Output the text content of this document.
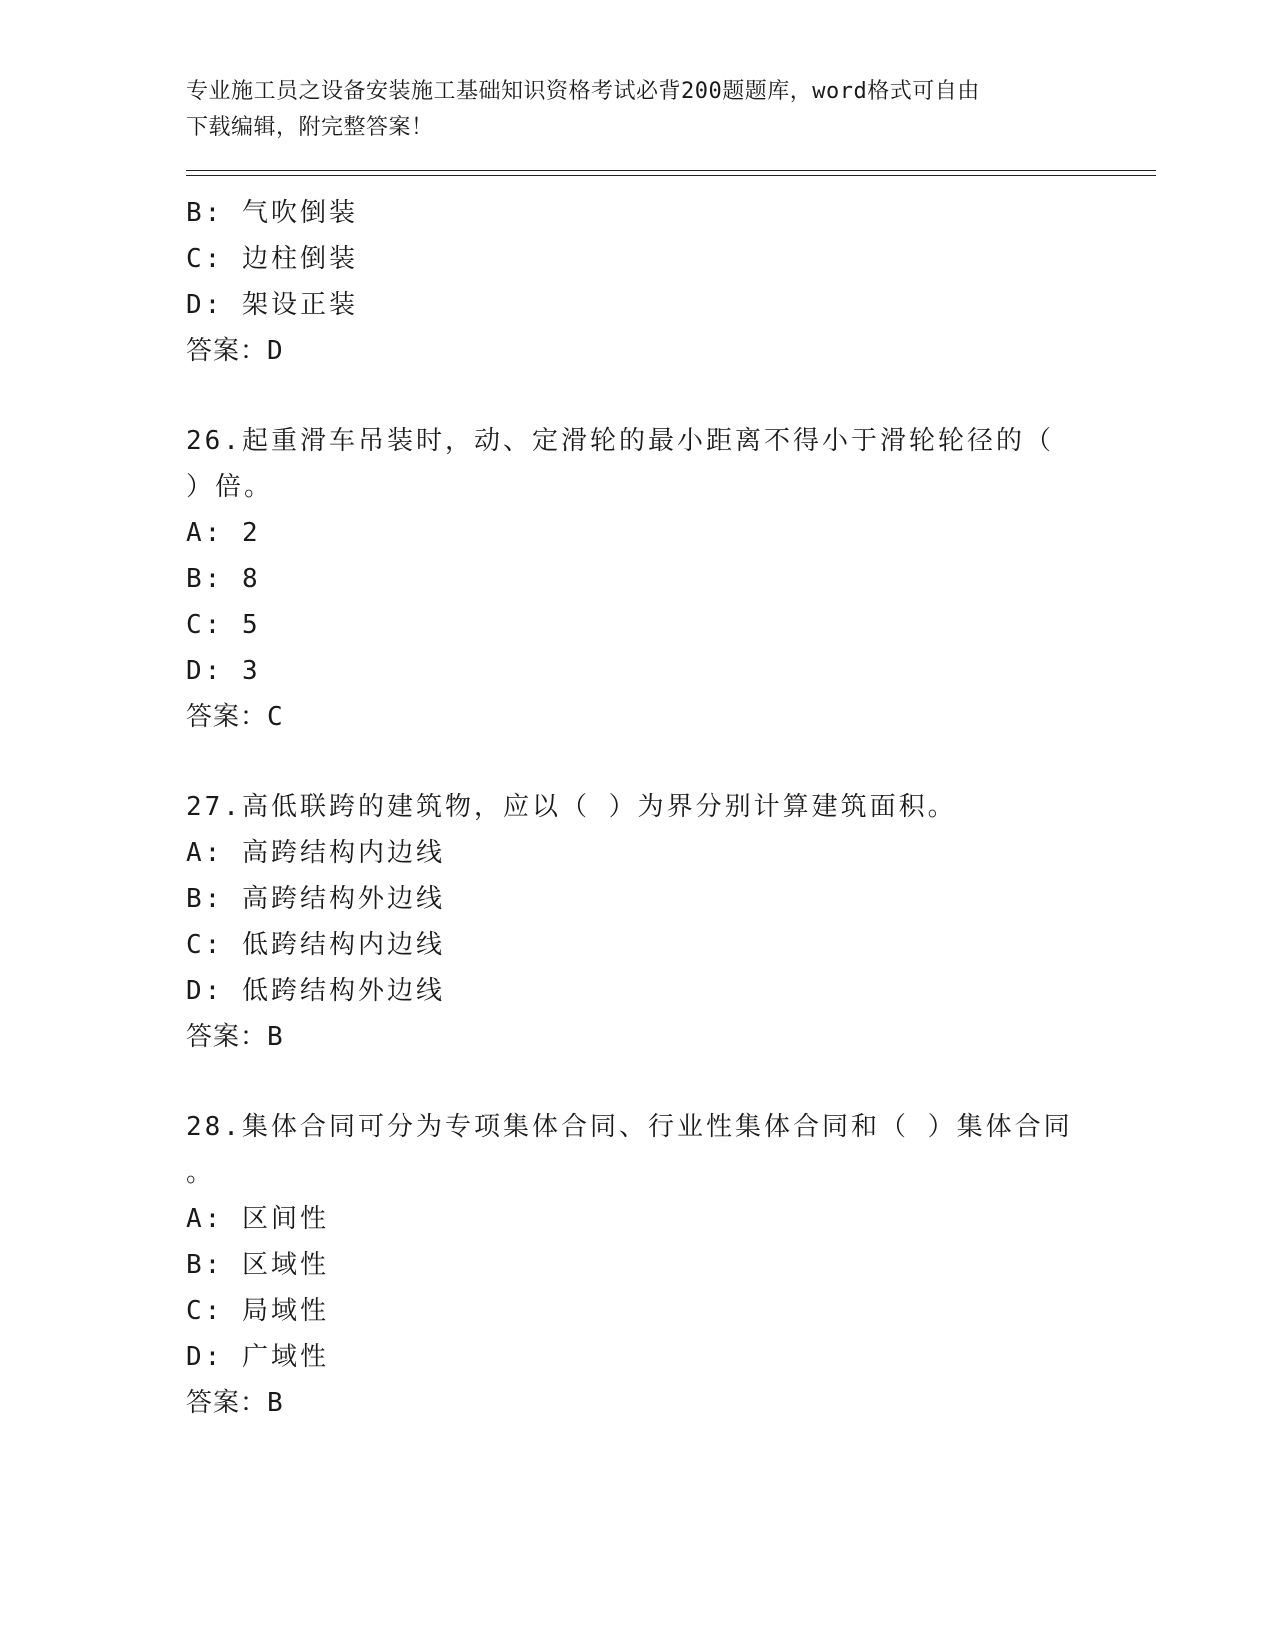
专业施工员之设备安装施工基础知识资格考试必背200题题库，word格式可自由
下载编辑，附完整答案！
B: 气吹倒装
C: 边柱倒装
D: 架设正装
答案：D
26.起重滑车吊装时，动、定滑轮的最小距离不得小于滑轮轮径的（
）倍。
A: 2
B: 8
C: 5
D: 3
答案：C
27.高低联跨的建筑物，应以（ ）为界分别计算建筑面积。
A: 高跨结构内边线
B: 高跨结构外边线
C: 低跨结构内边线
D: 低跨结构外边线
答案：B
28.集体合同可分为专项集体合同、行业性集体合同和（ ）集体合同
。
A: 区间性
B: 区域性
C: 局域性
D: 广域性
答案：B
